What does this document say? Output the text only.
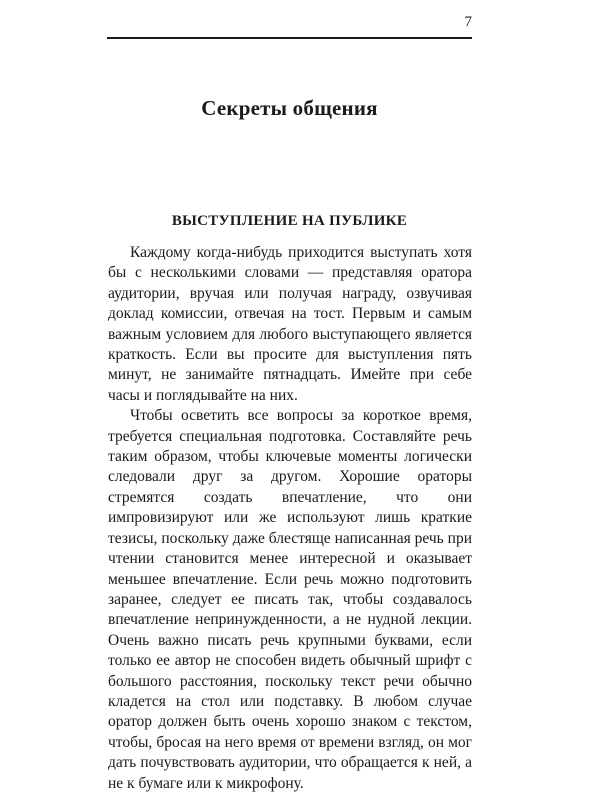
7
Секреты общения
ВЫСТУПЛЕНИЕ НА ПУБЛИКЕ

Каждому когда-нибудь приходится выступать хотя бы с несколькими словами — представляя оратора аудитории, вручая или получая награду, озвучивая доклад комиссии, отвечая на тост. Первым и самым важным условием для любого выступающего является краткость. Если вы просите для выступления пять минут, не занимайте пятнадцать. Имейте при себе часы и поглядывайте на них.

Чтобы осветить все вопросы за короткое время, требуется специальная подготовка. Составляйте речь таким образом, чтобы ключевые моменты логически следовали друг за другом. Хорошие ораторы стремятся создать впечатление, что они импровизируют или же используют лишь краткие тезисы, поскольку даже блестяще написанная речь при чтении становится менее интересной и оказывает меньшее впечатление. Если речь можно подготовить заранее, следует ее писать так, чтобы создавалось впечатление непринужденности, а не нудной лекции. Очень важно писать речь крупными буквами, если только ее автор не способен видеть обычный шрифт с большого расстояния, поскольку текст речи обычно кладется на стол или подставку. В любом случае оратор должен быть очень хорошо знаком с текстом, чтобы, бросая на него время от времени взгляд, он мог дать почувствовать аудитории, что обращается к ней, а не к бумаге или к микрофону.
